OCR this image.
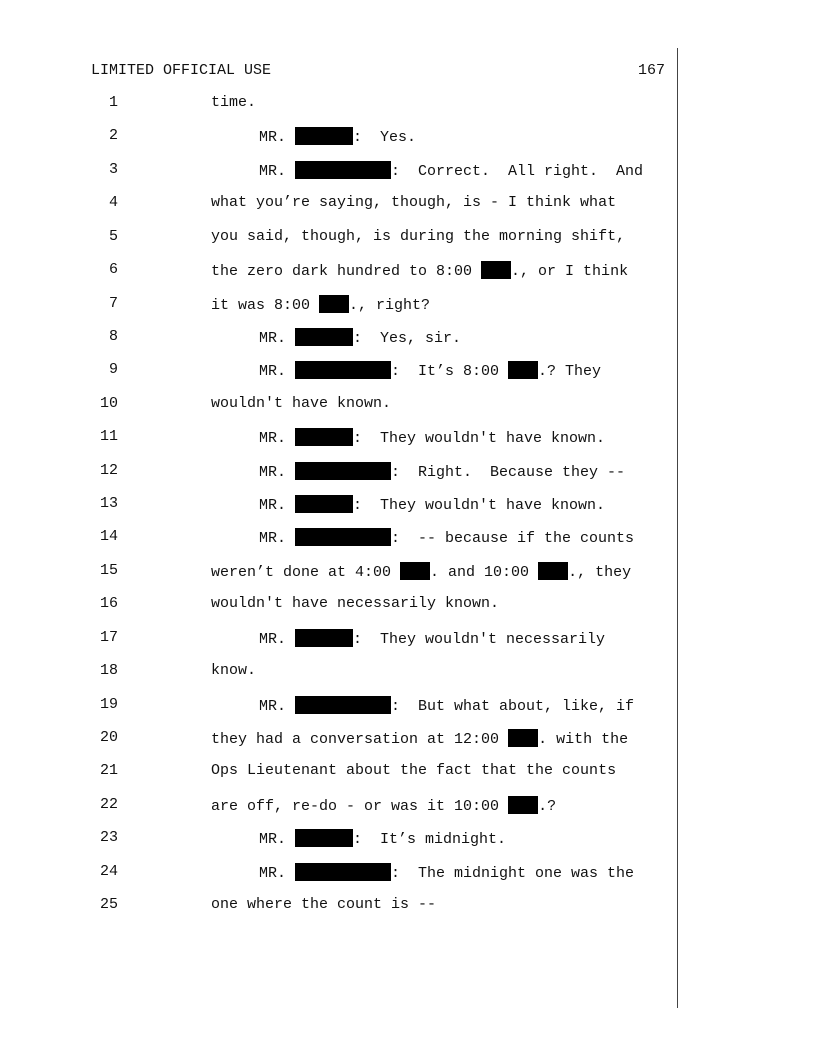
LIMITED OFFICIAL USE	167
1	time.
2	MR.	:  Yes.
3	MR.	:  Correct.  All right.  And
4	what you’re saying, though, is - I think what
5	you said, though, is during the morning shift,
6	the zero dark hundred to 8:00 ., or I think
7	it was 8:00 ., right?
8	MR.	:  Yes, sir.
9	MR.	:  It’s 8:00 .? They
10	wouldn't have known.
11	MR.	:  They wouldn't have known.
12	MR.	:  Right.  Because they --
13	MR.	:  They wouldn't have known.
14	MR.	:  -- because if the counts
15	weren’t done at 4:00 . and 10:00 ., they
16	wouldn't have necessarily known.
17	MR.	:  They wouldn't necessarily
18	know.
19	MR.	:  But what about, like, if
20	they had a conversation at 12:00 . with the
21	Ops Lieutenant about the fact that the counts
22	are off, re-do - or was it 10:00 .?
23	MR.	:  It’s midnight.
24	MR.	:  The midnight one was the
25	one where the count is --
